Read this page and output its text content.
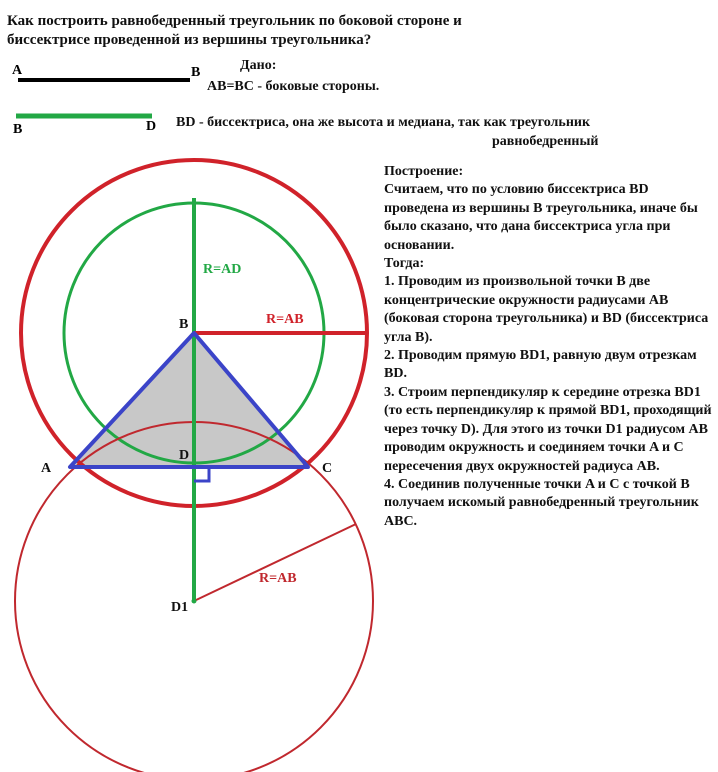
Как построить равнобедренный треугольник по боковой стороне и биссектрисе проведенной из вершины треугольника?

Дано:

AB=BC - боковые стороны.

BD - биссектриса, она же высота и медиана, так как треугольник
равнобедренный

Построение:

Считаем, что по условию биссектриса BD проведена из вершины B треугольника, иначе бы было сказано, что дана биссектриса угла при основании.

Тогда:

1. Проводим из произвольной точки B две концентрические окружности радиусами AB (боковая сторона треугольника) и BD (биссектриса угла B).

2. Проводим прямую BD1, равную двум отрезкам BD.

3. Строим перпендикуляр к середине отрезка BD1 (то есть перпендикуляр к прямой BD1, проходящий через точку D). Для этого из точки D1 радиусом AB проводим окружность и соединяем точки A и C пересечения двух окружностей радиуса AB.

4. Соединив полученные точки A и C с точкой B получаем искомый равнобедренный треугольник ABC.

A	B
B	D
B
A	C
D
D1
R=AD
R=AB
R=AB
